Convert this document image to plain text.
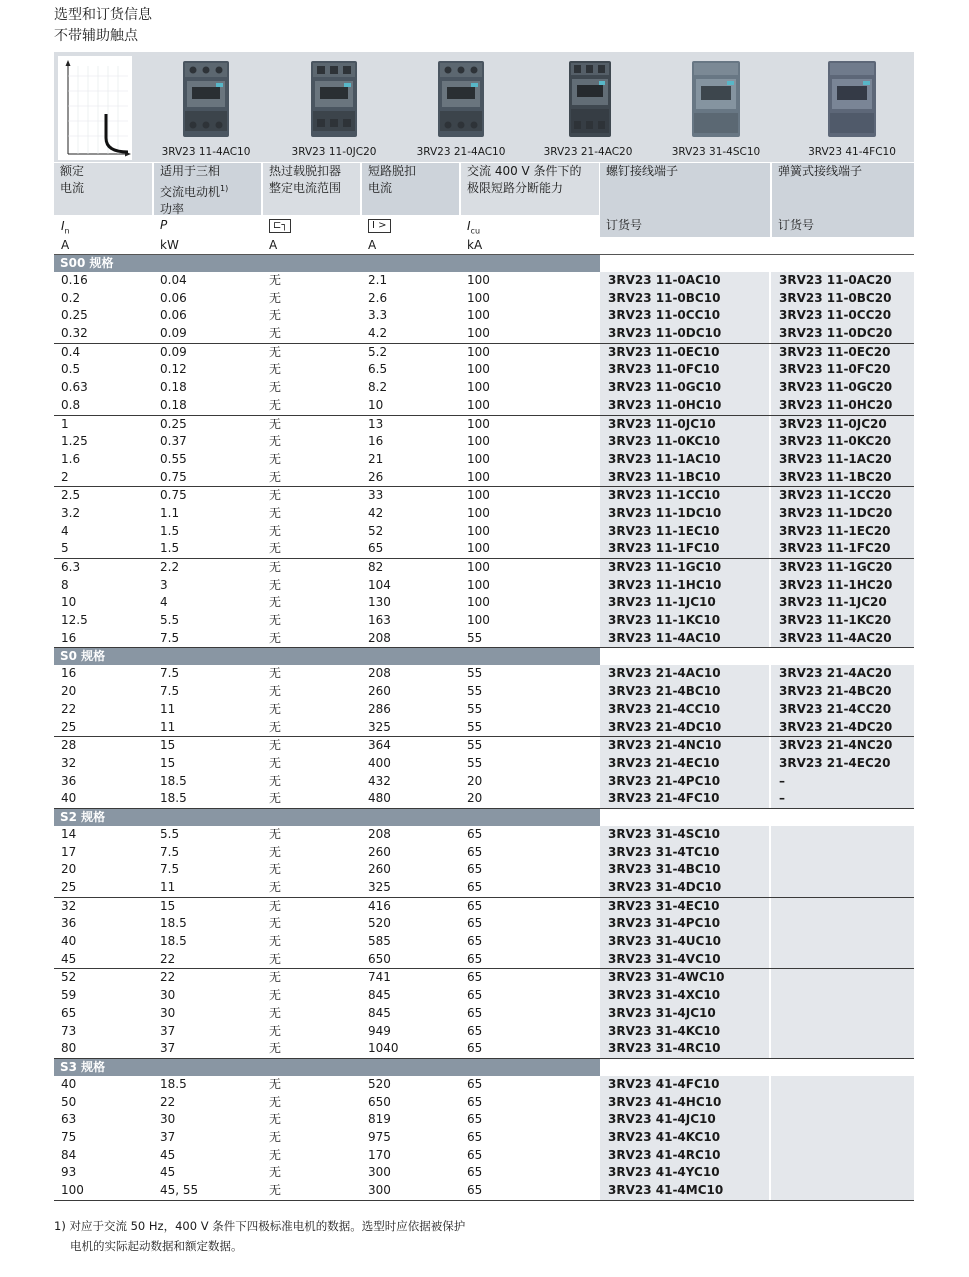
选型和订货信息
不带辅助触点
3RV23 11-4AC10	3RV23 11-0JC20	3RV23 21-4AC10	3RV23 21-4AC20	3RV23 31-4SC10	3RV23 41-4FC10
额定
电流
适用于三相
交流电动机$^{1)}$
功率
热过载脱扣器
整定电流范围
短路脱扣
电流
交流 400 V 条件下的
极限短路分断能力
螺钉接线端子	弹簧式接线端子
$I_n$	P	⊏┐	I >	$I_{cu}$	订货号	订货号
A	kW	A	A	kA
S00 规格
0.16	0.04	无	2.1	100	3RV23 11-0AC10	3RV23 11-0AC20
0.2	0.06	无	2.6	100	3RV23 11-0BC10	3RV23 11-0BC20
0.25	0.06	无	3.3	100	3RV23 11-0CC10	3RV23 11-0CC20
0.32	0.09	无	4.2	100	3RV23 11-0DC10	3RV23 11-0DC20
0.4	0.09	无	5.2	100	3RV23 11-0EC10	3RV23 11-0EC20
0.5	0.12	无	6.5	100	3RV23 11-0FC10	3RV23 11-0FC20
0.63	0.18	无	8.2	100	3RV23 11-0GC10	3RV23 11-0GC20
0.8	0.18	无	10	100	3RV23 11-0HC10	3RV23 11-0HC20
1	0.25	无	13	100	3RV23 11-0JC10	3RV23 11-0JC20
1.25	0.37	无	16	100	3RV23 11-0KC10	3RV23 11-0KC20
1.6	0.55	无	21	100	3RV23 11-1AC10	3RV23 11-1AC20
2	0.75	无	26	100	3RV23 11-1BC10	3RV23 11-1BC20
2.5	0.75	无	33	100	3RV23 11-1CC10	3RV23 11-1CC20
3.2	1.1	无	42	100	3RV23 11-1DC10	3RV23 11-1DC20
4	1.5	无	52	100	3RV23 11-1EC10	3RV23 11-1EC20
5	1.5	无	65	100	3RV23 11-1FC10	3RV23 11-1FC20
6.3	2.2	无	82	100	3RV23 11-1GC10	3RV23 11-1GC20
8	3	无	104	100	3RV23 11-1HC10	3RV23 11-1HC20
10	4	无	130	100	3RV23 11-1JC10	3RV23 11-1JC20
12.5	5.5	无	163	100	3RV23 11-1KC10	3RV23 11-1KC20
16	7.5	无	208	55	3RV23 11-4AC10	3RV23 11-4AC20
S0 规格
16	7.5	无	208	55	3RV23 21-4AC10	3RV23 21-4AC20
20	7.5	无	260	55	3RV23 21-4BC10	3RV23 21-4BC20
22	11	无	286	55	3RV23 21-4CC10	3RV23 21-4CC20
25	11	无	325	55	3RV23 21-4DC10	3RV23 21-4DC20
28	15	无	364	55	3RV23 21-4NC10	3RV23 21-4NC20
32	15	无	400	55	3RV23 21-4EC10	3RV23 21-4EC20
36	18.5	无	432	20	3RV23 21-4PC10	–
40	18.5	无	480	20	3RV23 21-4FC10	–
S2 规格
14	5.5	无	208	65	3RV23 31-4SC10
17	7.5	无	260	65	3RV23 31-4TC10
20	7.5	无	260	65	3RV23 31-4BC10
25	11	无	325	65	3RV23 31-4DC10
32	15	无	416	65	3RV23 31-4EC10
36	18.5	无	520	65	3RV23 31-4PC10
40	18.5	无	585	65	3RV23 31-4UC10
45	22	无	650	65	3RV23 31-4VC10
52	22	无	741	65	3RV23 31-4WC10
59	30	无	845	65	3RV23 31-4XC10
65	30	无	845	65	3RV23 31-4JC10
73	37	无	949	65	3RV23 31-4KC10
80	37	无	1040	65	3RV23 31-4RC10
S3 规格
40	18.5	无	520	65	3RV23 41-4FC10
50	22	无	650	65	3RV23 41-4HC10
63	30	无	819	65	3RV23 41-4JC10
75	37	无	975	65	3RV23 41-4KC10
84	45	无	170	65	3RV23 41-4RC10
93	45	无	300	65	3RV23 41-4YC10
100	45, 55	无	300	65	3RV23 41-4MC10
1) 对应于交流 50 Hz，400 V 条件下四极标准电机的数据。选型时应依据被保护
电机的实际起动数据和额定数据。
